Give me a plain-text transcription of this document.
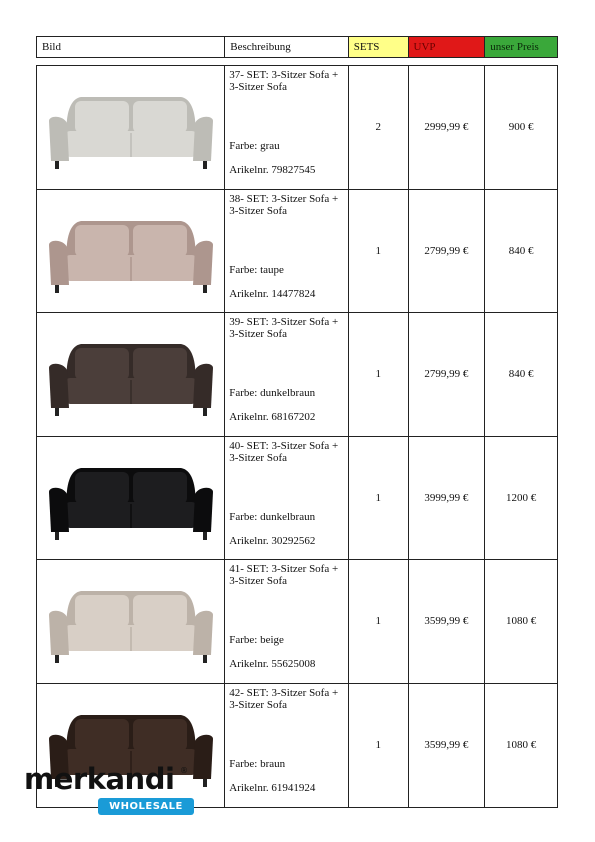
Bild	Beschreibung	SETS	UVP	unser Preis
37- SET: 3-Sitzer Sofa + 3-Sitzer Sofa
Farbe: grau
Arikelnr. 79827545
2	2999,99 €	900 €
38- SET: 3-Sitzer Sofa + 3-Sitzer Sofa
Farbe: taupe
Arikelnr. 14477824
1	2799,99 €	840 €
39- SET: 3-Sitzer Sofa + 3-Sitzer Sofa
Farbe: dunkelbraun
Arikelnr. 68167202
1	2799,99 €	840 €
40- SET: 3-Sitzer Sofa + 3-Sitzer Sofa
Farbe: dunkelbraun
Arikelnr. 30292562
1	3999,99 €	1200 €
41- SET: 3-Sitzer Sofa + 3-Sitzer Sofa
Farbe: beige
Arikelnr. 55625008
1	3599,99 €	1080 €
42- SET: 3-Sitzer Sofa + 3-Sitzer Sofa
Farbe: braun
Arikelnr. 61941924
1	3599,99 €	1080 €
merkandi ®
WHOLESALE
